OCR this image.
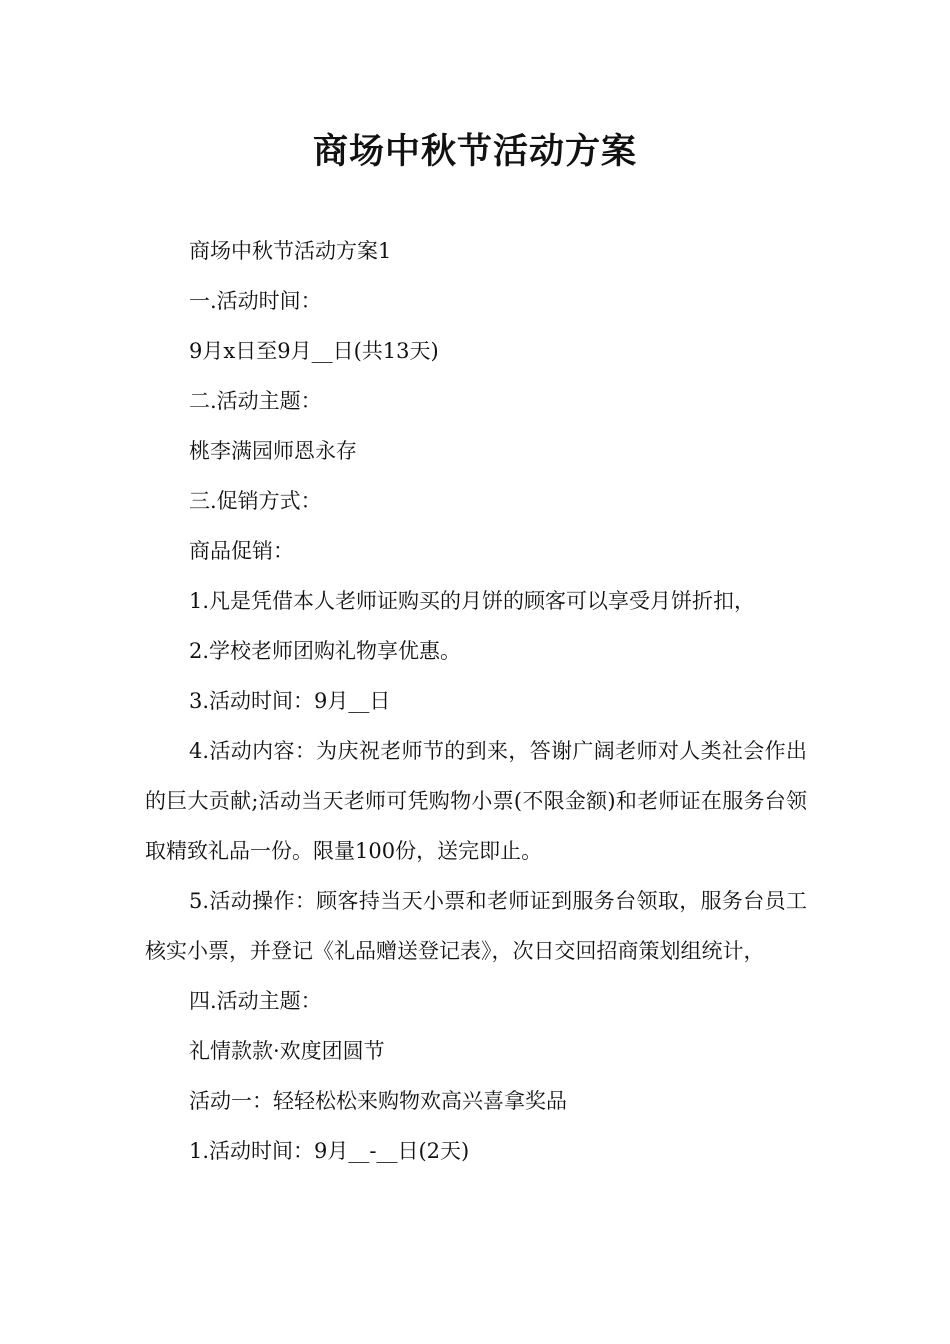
商场中秋节活动方案

商场中秋节活动方案1

一.活动时间：

9月x日至9月__日(共13天)

二.活动主题：

桃李满园师恩永存

三.促销方式：

商品促销：

1.凡是凭借本人老师证购买的月饼的顾客可以享受月饼折扣，

2.学校老师团购礼物享优惠。

3.活动时间：9月__日

4.活动内容：为庆祝老师节的到来，答谢广阔老师对人类社会作出的巨大贡献;活动当天老师可凭购物小票(不限金额)和老师证在服务台领取精致礼品一份。限量100份，送完即止。

5.活动操作：顾客持当天小票和老师证到服务台领取，服务台员工核实小票，并登记《礼品赠送登记表》，次日交回招商策划组统计，

四.活动主题：

礼情款款·欢度团圆节

活动一：轻轻松松来购物欢高兴喜拿奖品

1.活动时间：9月__-__日(2天)
